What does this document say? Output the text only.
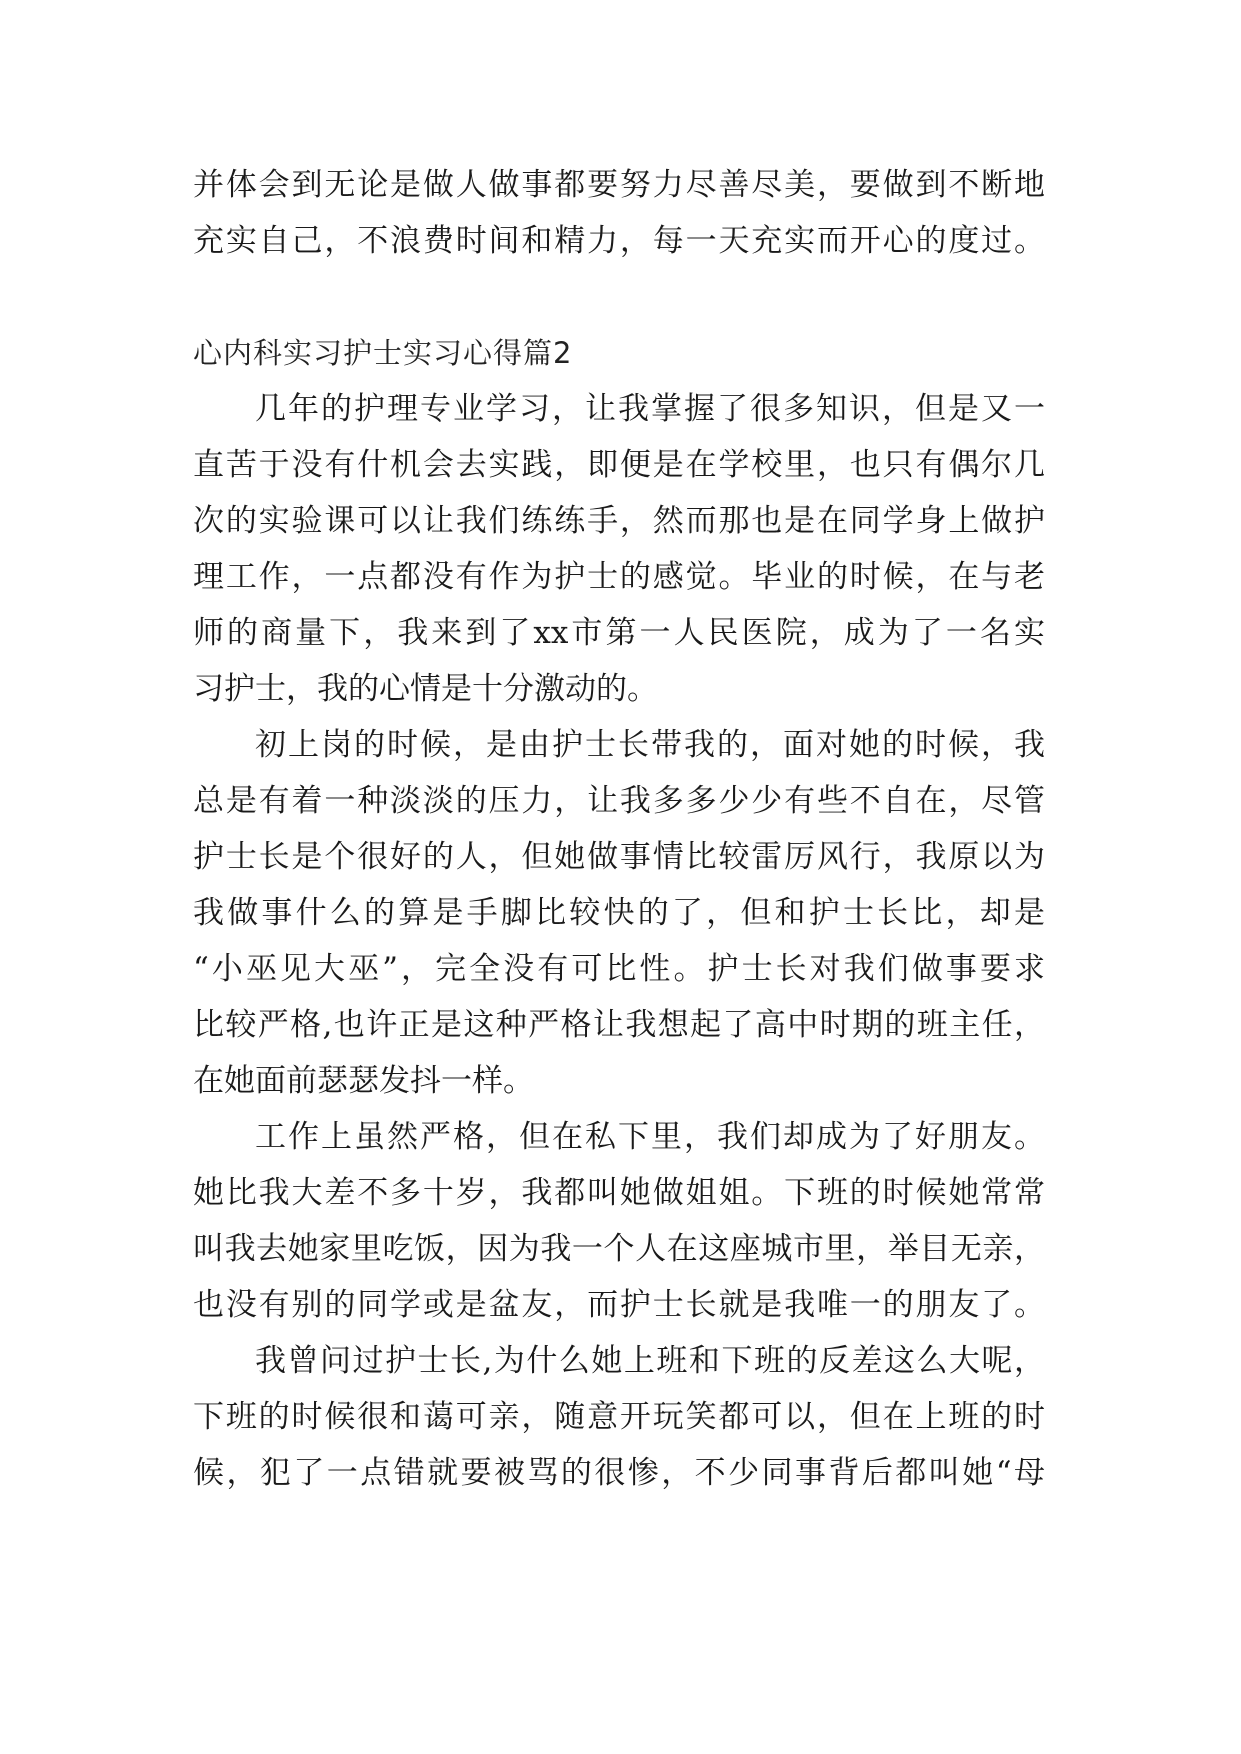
并体会到无论是做人做事都要努力尽善尽美，要做到不断地
充实自己，不浪费时间和精力，每一天充实而开心的度过。
心内科实习护士实习心得篇2
几年的护理专业学习，让我掌握了很多知识，但是又一
直苦于没有什机会去实践，即便是在学校里，也只有偶尔几
次的实验课可以让我们练练手，然而那也是在同学身上做护
理工作，一点都没有作为护士的感觉。毕业的时候，在与老
师的商量下，我来到了xx市第一人民医院，成为了一名实
习护士，我的心情是十分激动的。
初上岗的时候，是由护士长带我的，面对她的时候，我
总是有着一种淡淡的压力，让我多多少少有些不自在，尽管
护士长是个很好的人，但她做事情比较雷厉风行，我原以为
我做事什么的算是手脚比较快的了，但和护士长比，却是
“小巫见大巫”，完全没有可比性。护士长对我们做事要求
比较严格,也许正是这种严格让我想起了高中时期的班主任，
在她面前瑟瑟发抖一样。
工作上虽然严格，但在私下里，我们却成为了好朋友。
她比我大差不多十岁，我都叫她做姐姐。下班的时候她常常
叫我去她家里吃饭，因为我一个人在这座城市里，举目无亲，
也没有别的同学或是盆友，而护士长就是我唯一的朋友了。
我曾问过护士长,为什么她上班和下班的反差这么大呢，
下班的时候很和蔼可亲，随意开玩笑都可以，但在上班的时
候，犯了一点错就要被骂的很惨，不少同事背后都叫她“母
